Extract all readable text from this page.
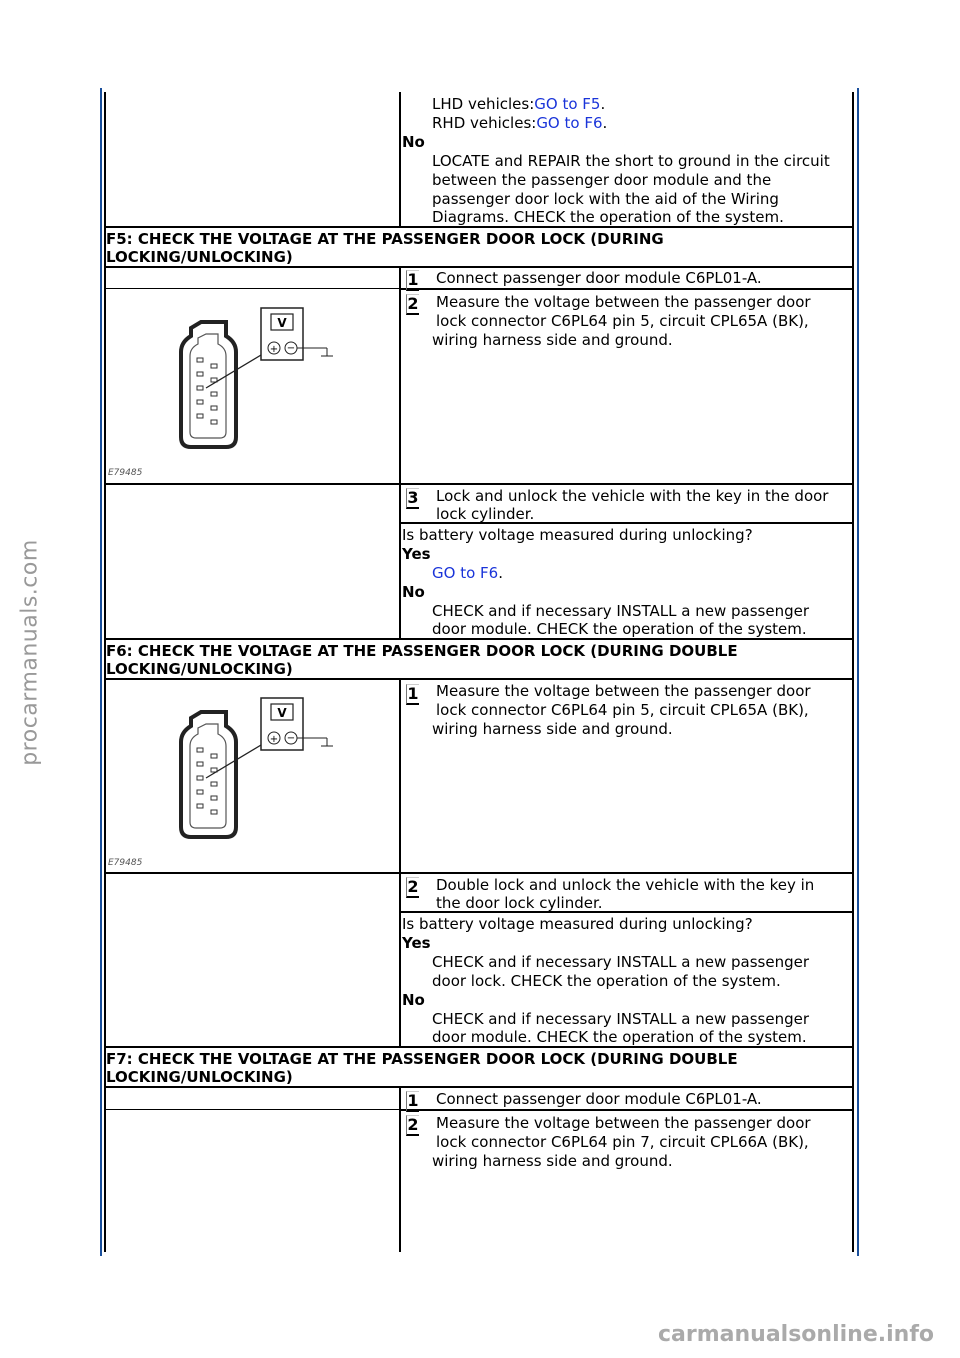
LHD vehicles:GO to F5.
RHD vehicles:GO to F6.
No
LOCATE and REPAIR the short to ground in the circuit
between the passenger door module and the
passenger door lock with the aid of the Wiring
Diagrams. CHECK the operation of the system.
F5: CHECK THE VOLTAGE AT THE PASSENGER DOOR LOCK (DURING
LOCKING/UNLOCKING)
1 Connect passenger door module C6PL01-A.
2 Measure the voltage between the passenger door
lock connector C6PL64 pin 5, circuit CPL65A (BK),
wiring harness side and ground.
V
+ −
E79485
3 Lock and unlock the vehicle with the key in the door
lock cylinder.
Is battery voltage measured during unlocking?
Yes
GO to F6.
No
CHECK and if necessary INSTALL a new passenger
door module. CHECK the operation of the system.
F6: CHECK THE VOLTAGE AT THE PASSENGER DOOR LOCK (DURING DOUBLE
LOCKING/UNLOCKING)
1 Measure the voltage between the passenger door
lock connector C6PL64 pin 5, circuit CPL65A (BK),
wiring harness side and ground.
V
+ −
E79485
2 Double lock and unlock the vehicle with the key in
the door lock cylinder.
Is battery voltage measured during unlocking?
Yes
CHECK and if necessary INSTALL a new passenger
door lock. CHECK the operation of the system.
No
CHECK and if necessary INSTALL a new passenger
door module. CHECK the operation of the system.
F7: CHECK THE VOLTAGE AT THE PASSENGER DOOR LOCK (DURING DOUBLE
LOCKING/UNLOCKING)
1 Connect passenger door module C6PL01-A.
2 Measure the voltage between the passenger door
lock connector C6PL64 pin 7, circuit CPL66A (BK),
wiring harness side and ground.
procarmanuals.com
carmanualsonline.info
